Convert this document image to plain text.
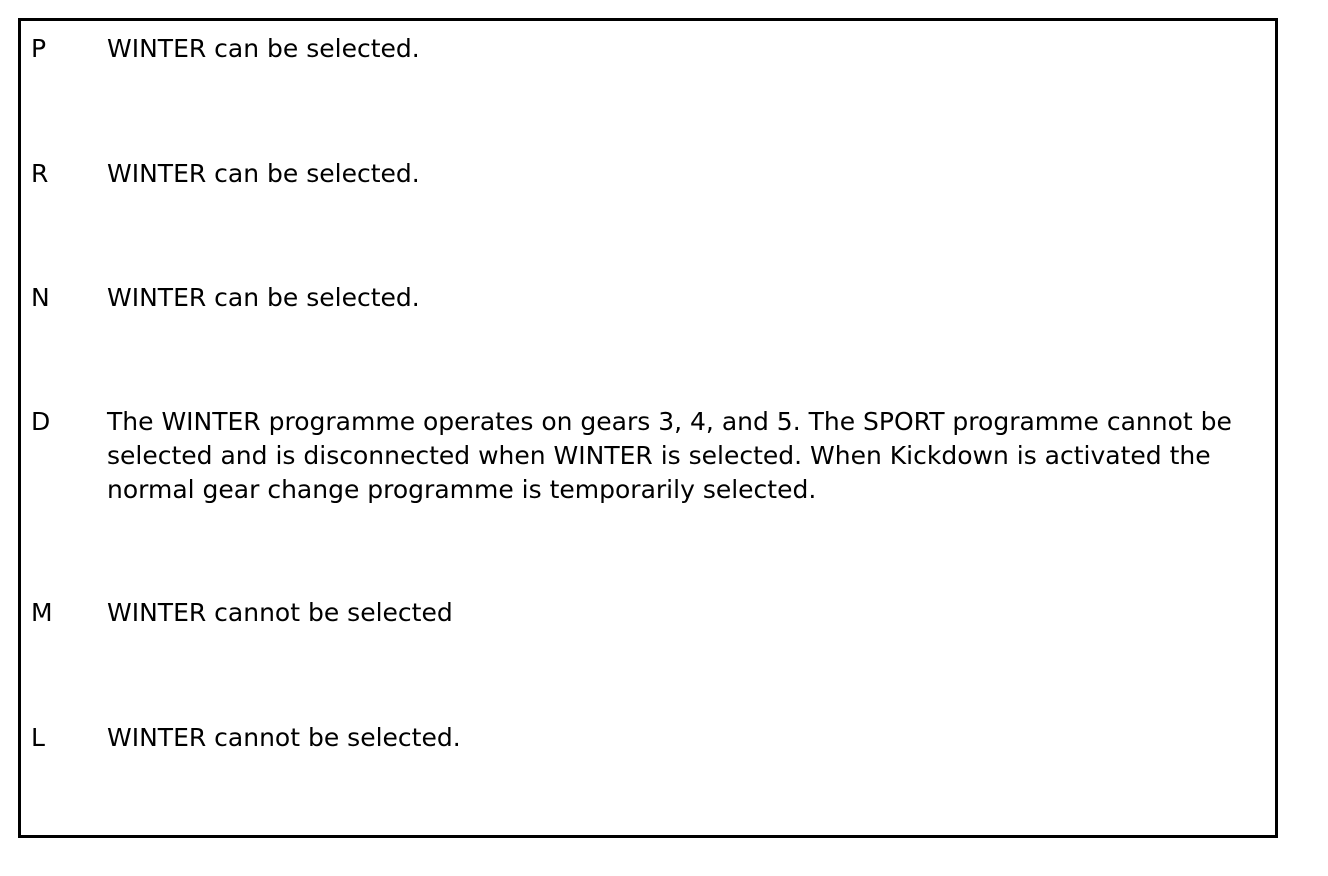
P	WINTER can be selected.
R	WINTER can be selected.
N	WINTER can be selected.
D	The WINTER programme operates on gears 3, 4, and 5. The SPORT programme cannot be selected and is disconnected when WINTER is selected. When Kickdown is activated the normal gear change programme is temporarily selected.
M	WINTER cannot be selected
L	WINTER cannot be selected.
